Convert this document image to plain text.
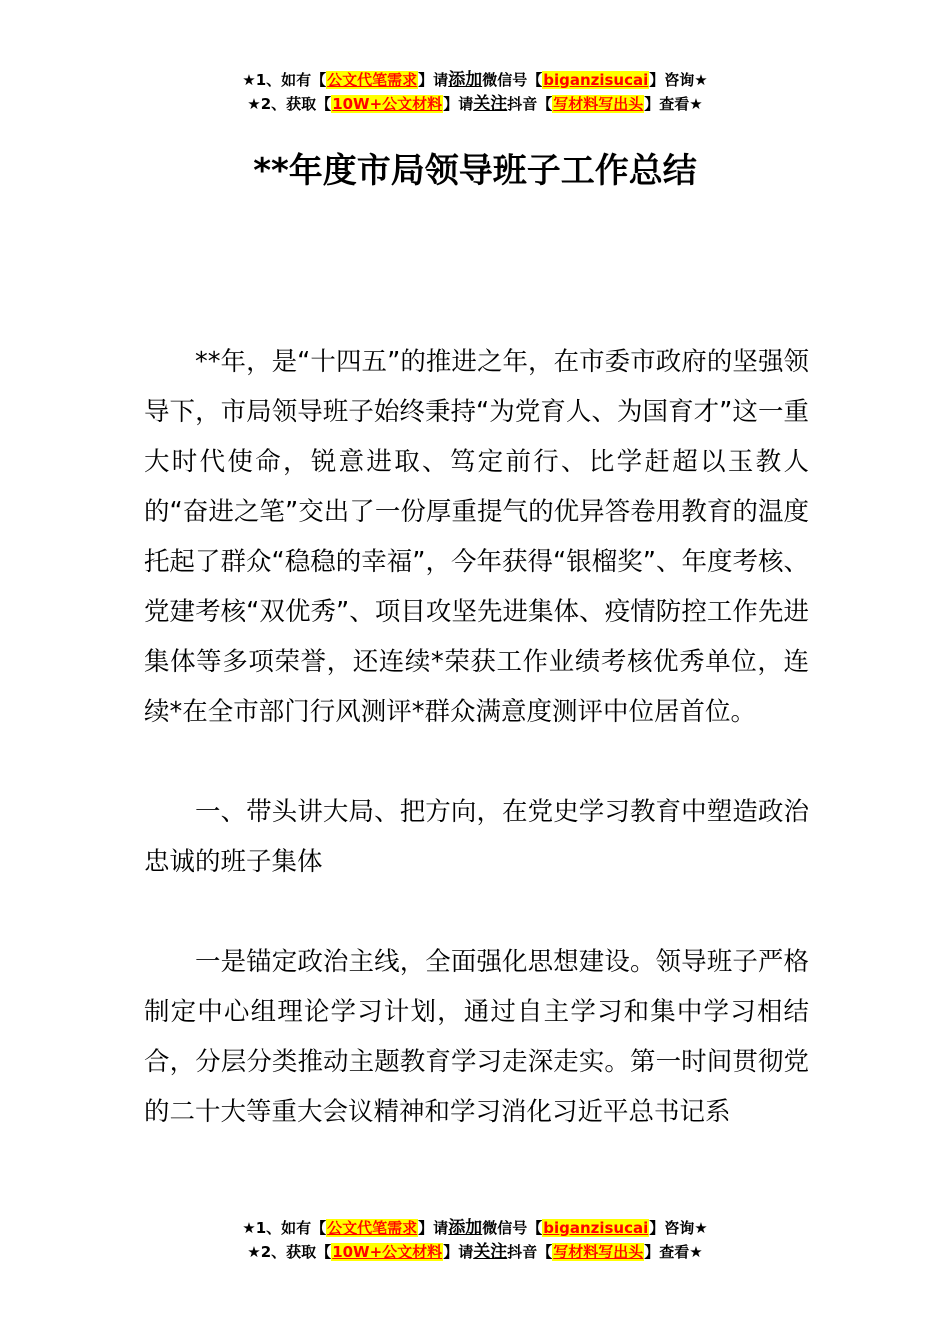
★1、如有【公文代笔需求】请添加微信号【biganzisucai】咨询★
★2、获取【10W+公文材料】请关注抖音【写材料写出头】查看★
**年度市局领导班子工作总结

**年，是“十四五”的推进之年，在市委市政府的坚强领导下，市局领导班子始终秉持“为党育人、为国育才”这一重大时代使命，锐意进取、笃定前行、比学赶超以玉教人的“奋进之笔”交出了一份厚重提气的优异答卷用教育的温度托起了群众“稳稳的幸福”，今年获得“银榴奖”、年度考核、党建考核“双优秀”、项目攻坚先进集体、疫情防控工作先进集体等多项荣誉，还连续*荣获工作业绩考核优秀单位，连续*在全市部门行风测评*群众满意度测评中位居首位。

一、带头讲大局、把方向，在党史学习教育中塑造政治忠诚的班子集体

一是锚定政治主线，全面强化思想建设。领导班子严格制定中心组理论学习计划，通过自主学习和集中学习相结合，分层分类推动主题教育学习走深走实。第一时间贯彻党的二十大等重大会议精神和学习消化习近平总书记系

★1、如有【公文代笔需求】请添加微信号【biganzisucai】咨询★
★2、获取【10W+公文材料】请关注抖音【写材料写出头】查看★
